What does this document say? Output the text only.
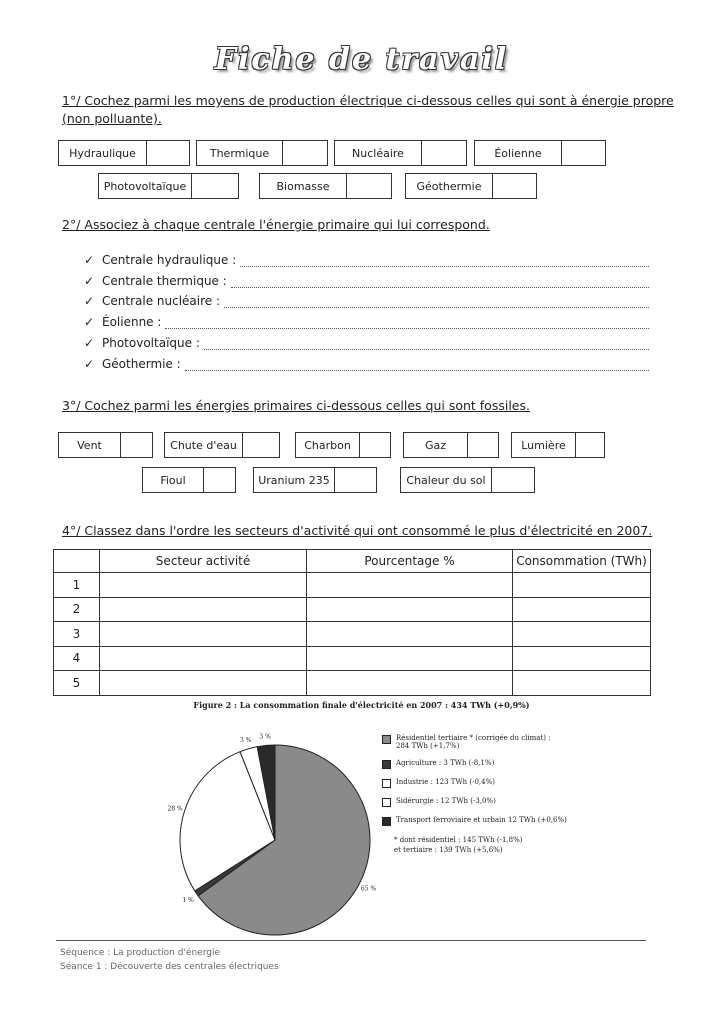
Fiche de travail
1°/ Cochez parmi les moyens de production électrique ci-dessous celles qui sont à énergie propre
(non polluante).
Hydraulique	Thermique	Nucléaire	Éolienne
Photovoltaïque	Biomasse	Géothermie
2°/ Associez à chaque centrale l'énergie primaire qui lui correspond.
✓ Centrale hydraulique :
✓ Centrale thermique :
✓ Centrale nucléaire :
✓ Éolienne :
✓ Photovoltaïque :
✓ Géothermie :
3°/ Cochez parmi les énergies primaires ci-dessous celles qui sont fossiles.
Vent	Chute d'eau	Charbon	Gaz	Lumière
Fioul	Uranium 235	Chaleur du sol
4°/ Classez dans l'ordre les secteurs d'activité qui ont consommé le plus d'électricité en 2007.
	Secteur activité	Pourcentage %	Consommation (TWh)
1			
2			
3			
4			
5			
Figure 2 : La consommation finale d'électricité en 2007 : 434 TWh (+0,9%)
65 %
1 %
28 %
3 %
3 %	Résidentiel tertiaire * (corrigée du climat) :
284 TWh (+1,7%)
Agriculture : 3 TWh (-8,1%)
Industrie : 123 TWh (-0,4%)
Sidérurgie : 12 TWh (-3,0%)
Transport ferroviaire et urbain 12 TWh (+0,6%)
* dont résidentiel : 145 TWh (-1,8%)
et tertiaire : 139 TWh (+5,6%)
Séquence : La production d'énergie
Séance 1 : Découverte des centrales électriques
